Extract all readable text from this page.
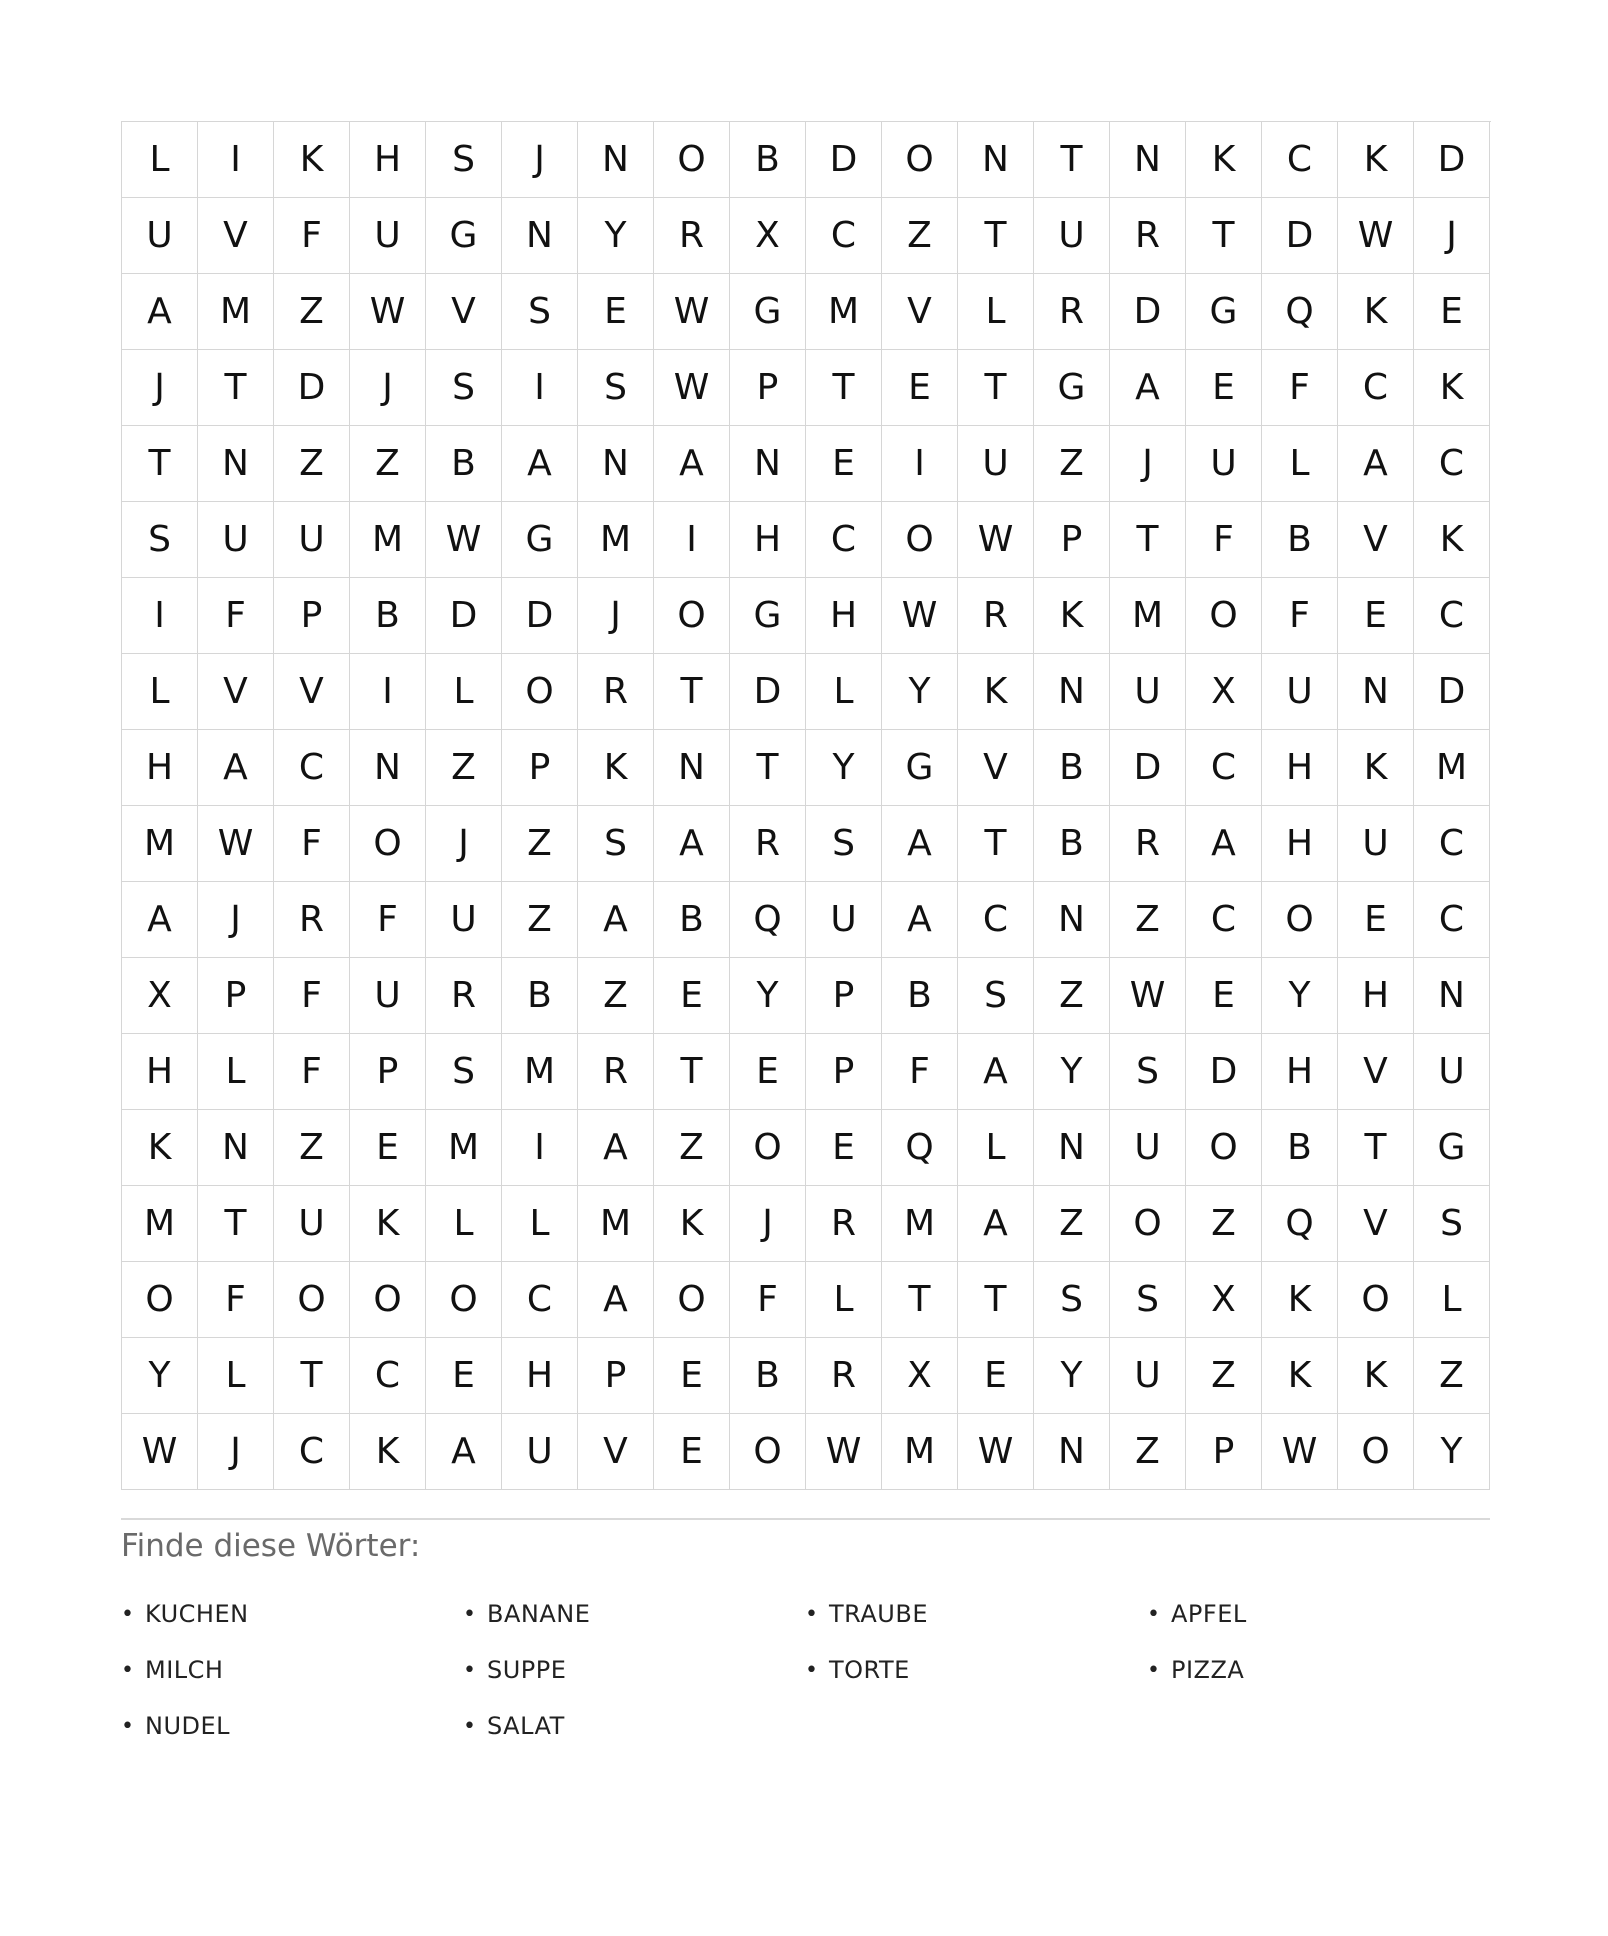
L	I	K	H	S	J	N	O	B	D	O	N	T	N	K	C	K	D
U	V	F	U	G	N	Y	R	X	C	Z	T	U	R	T	D	W	J
A	M	Z	W	V	S	E	W	G	M	V	L	R	D	G	Q	K	E
J	T	D	J	S	I	S	W	P	T	E	T	G	A	E	F	C	K
T	N	Z	Z	B	A	N	A	N	E	I	U	Z	J	U	L	A	C
S	U	U	M	W	G	M	I	H	C	O	W	P	T	F	B	V	K
I	F	P	B	D	D	J	O	G	H	W	R	K	M	O	F	E	C
L	V	V	I	L	O	R	T	D	L	Y	K	N	U	X	U	N	D
H	A	C	N	Z	P	K	N	T	Y	G	V	B	D	C	H	K	M
M	W	F	O	J	Z	S	A	R	S	A	T	B	R	A	H	U	C
A	J	R	F	U	Z	A	B	Q	U	A	C	N	Z	C	O	E	C
X	P	F	U	R	B	Z	E	Y	P	B	S	Z	W	E	Y	H	N
H	L	F	P	S	M	R	T	E	P	F	A	Y	S	D	H	V	U
K	N	Z	E	M	I	A	Z	O	E	Q	L	N	U	O	B	T	G
M	T	U	K	L	L	M	K	J	R	M	A	Z	O	Z	Q	V	S
O	F	O	O	O	C	A	O	F	L	T	T	S	S	X	K	O	L
Y	L	T	C	E	H	P	E	B	R	X	E	Y	U	Z	K	K	Z
W	J	C	K	A	U	V	E	O	W	M	W	N	Z	P	W	O	Y
Finde diese Wörter:
• KUCHEN	• BANANE	• TRAUBE	• APFEL
• MILCH	• SUPPE	• TORTE	• PIZZA
• NUDEL	• SALAT
